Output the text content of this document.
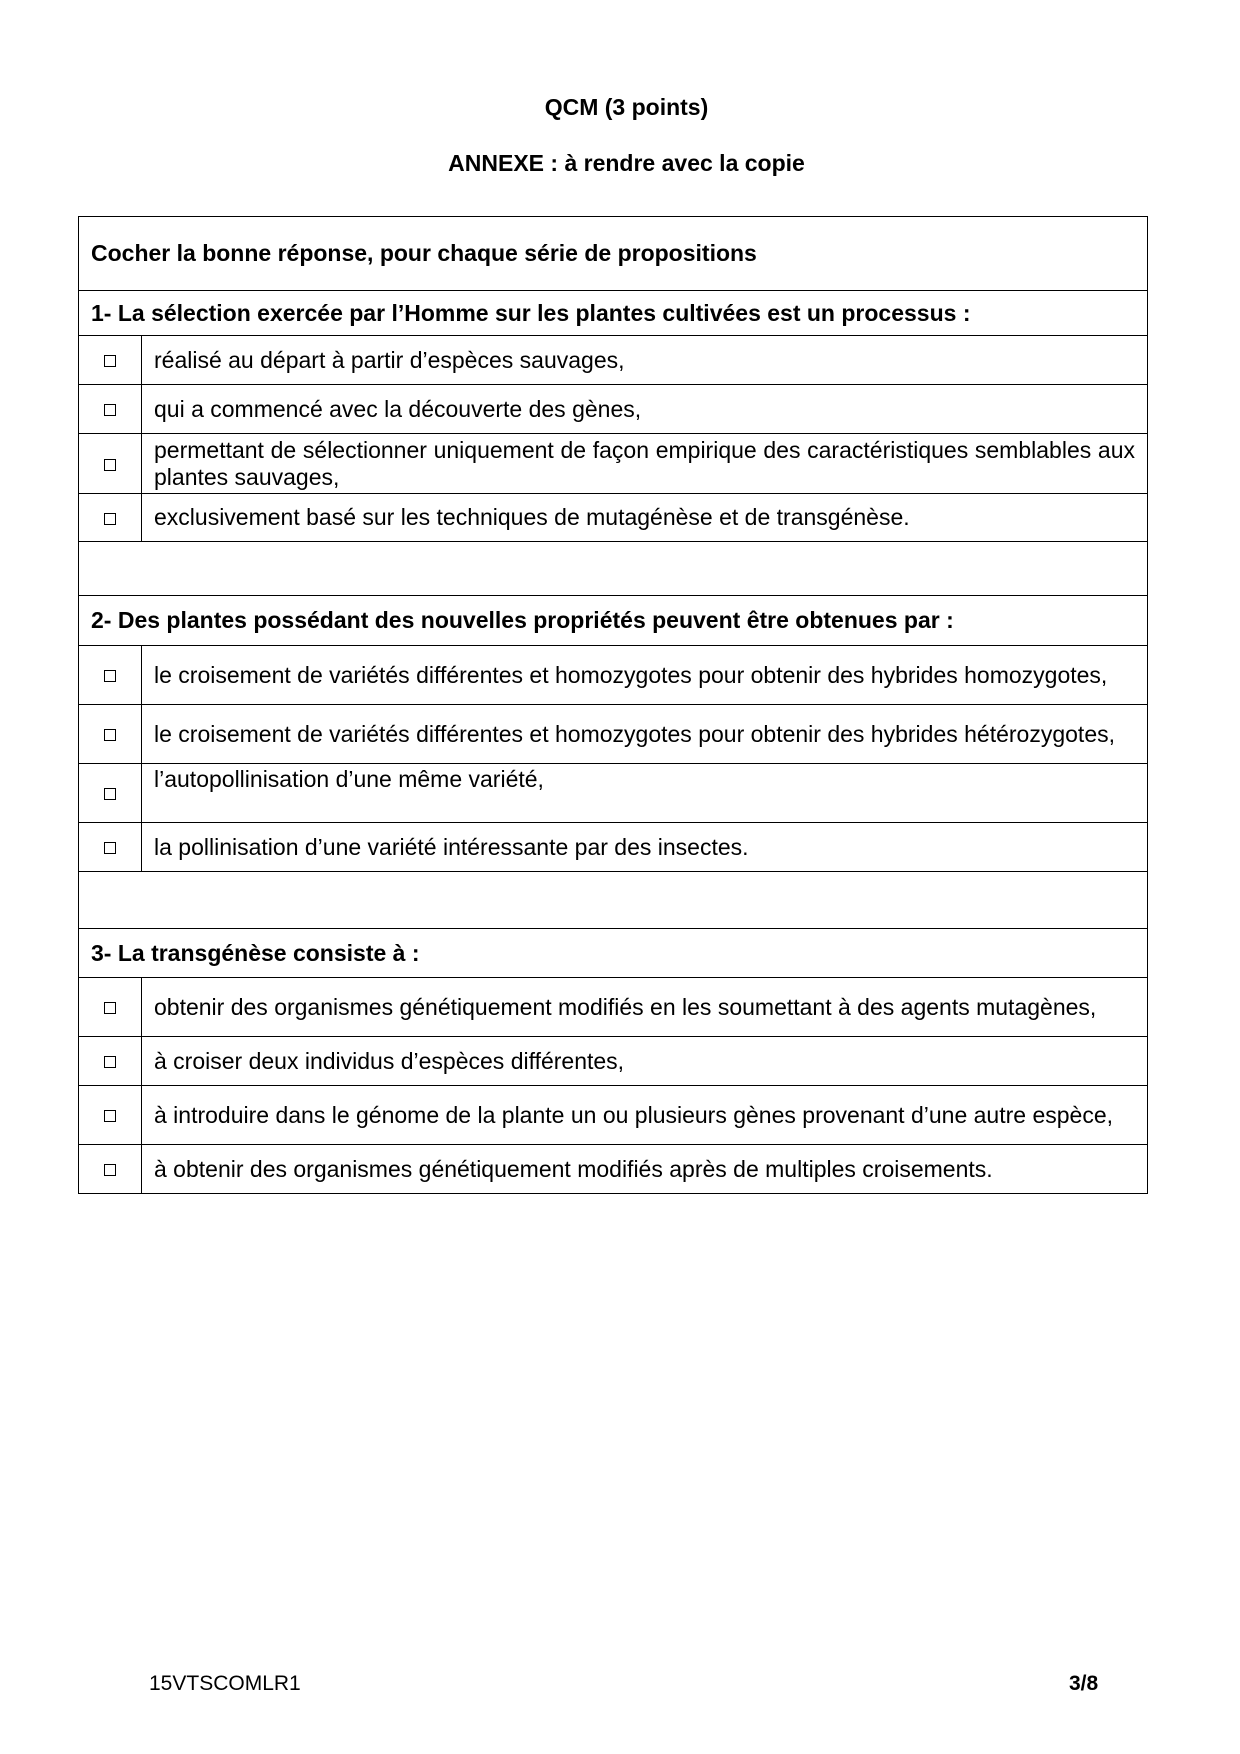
QCM (3 points)
ANNEXE : à rendre avec la copie
Cocher la bonne réponse, pour chaque série de propositions	
1- La sélection exercée par l’Homme sur les plantes cultivées est un processus :	
	réalisé au départ à partir d’espèces sauvages,
	qui a commencé avec la découverte des gènes,
	permettant de sélectionner uniquement de façon empirique des caractéristiques semblables aux plantes sauvages,
	exclusivement basé sur les techniques de mutagénèse et de transgénèse.

2- Des plantes possédant des nouvelles propriétés peuvent être obtenues par :	
	le croisement de variétés différentes et homozygotes pour obtenir des hybrides homozygotes,
	le croisement de variétés différentes et homozygotes pour obtenir des hybrides hétérozygotes,
	l’autopollinisation d’une même variété,
	la pollinisation d’une variété intéressante par des insectes.

3- La transgénèse consiste à :	
	obtenir des organismes génétiquement modifiés en les soumettant à des agents mutagènes,
	à croiser deux individus d’espèces différentes,
	à introduire dans le génome de la plante un ou plusieurs gènes provenant d’une autre espèce,
	à obtenir des organismes génétiquement modifiés après de multiples croisements.
15VTSCOMLR1	3/8
